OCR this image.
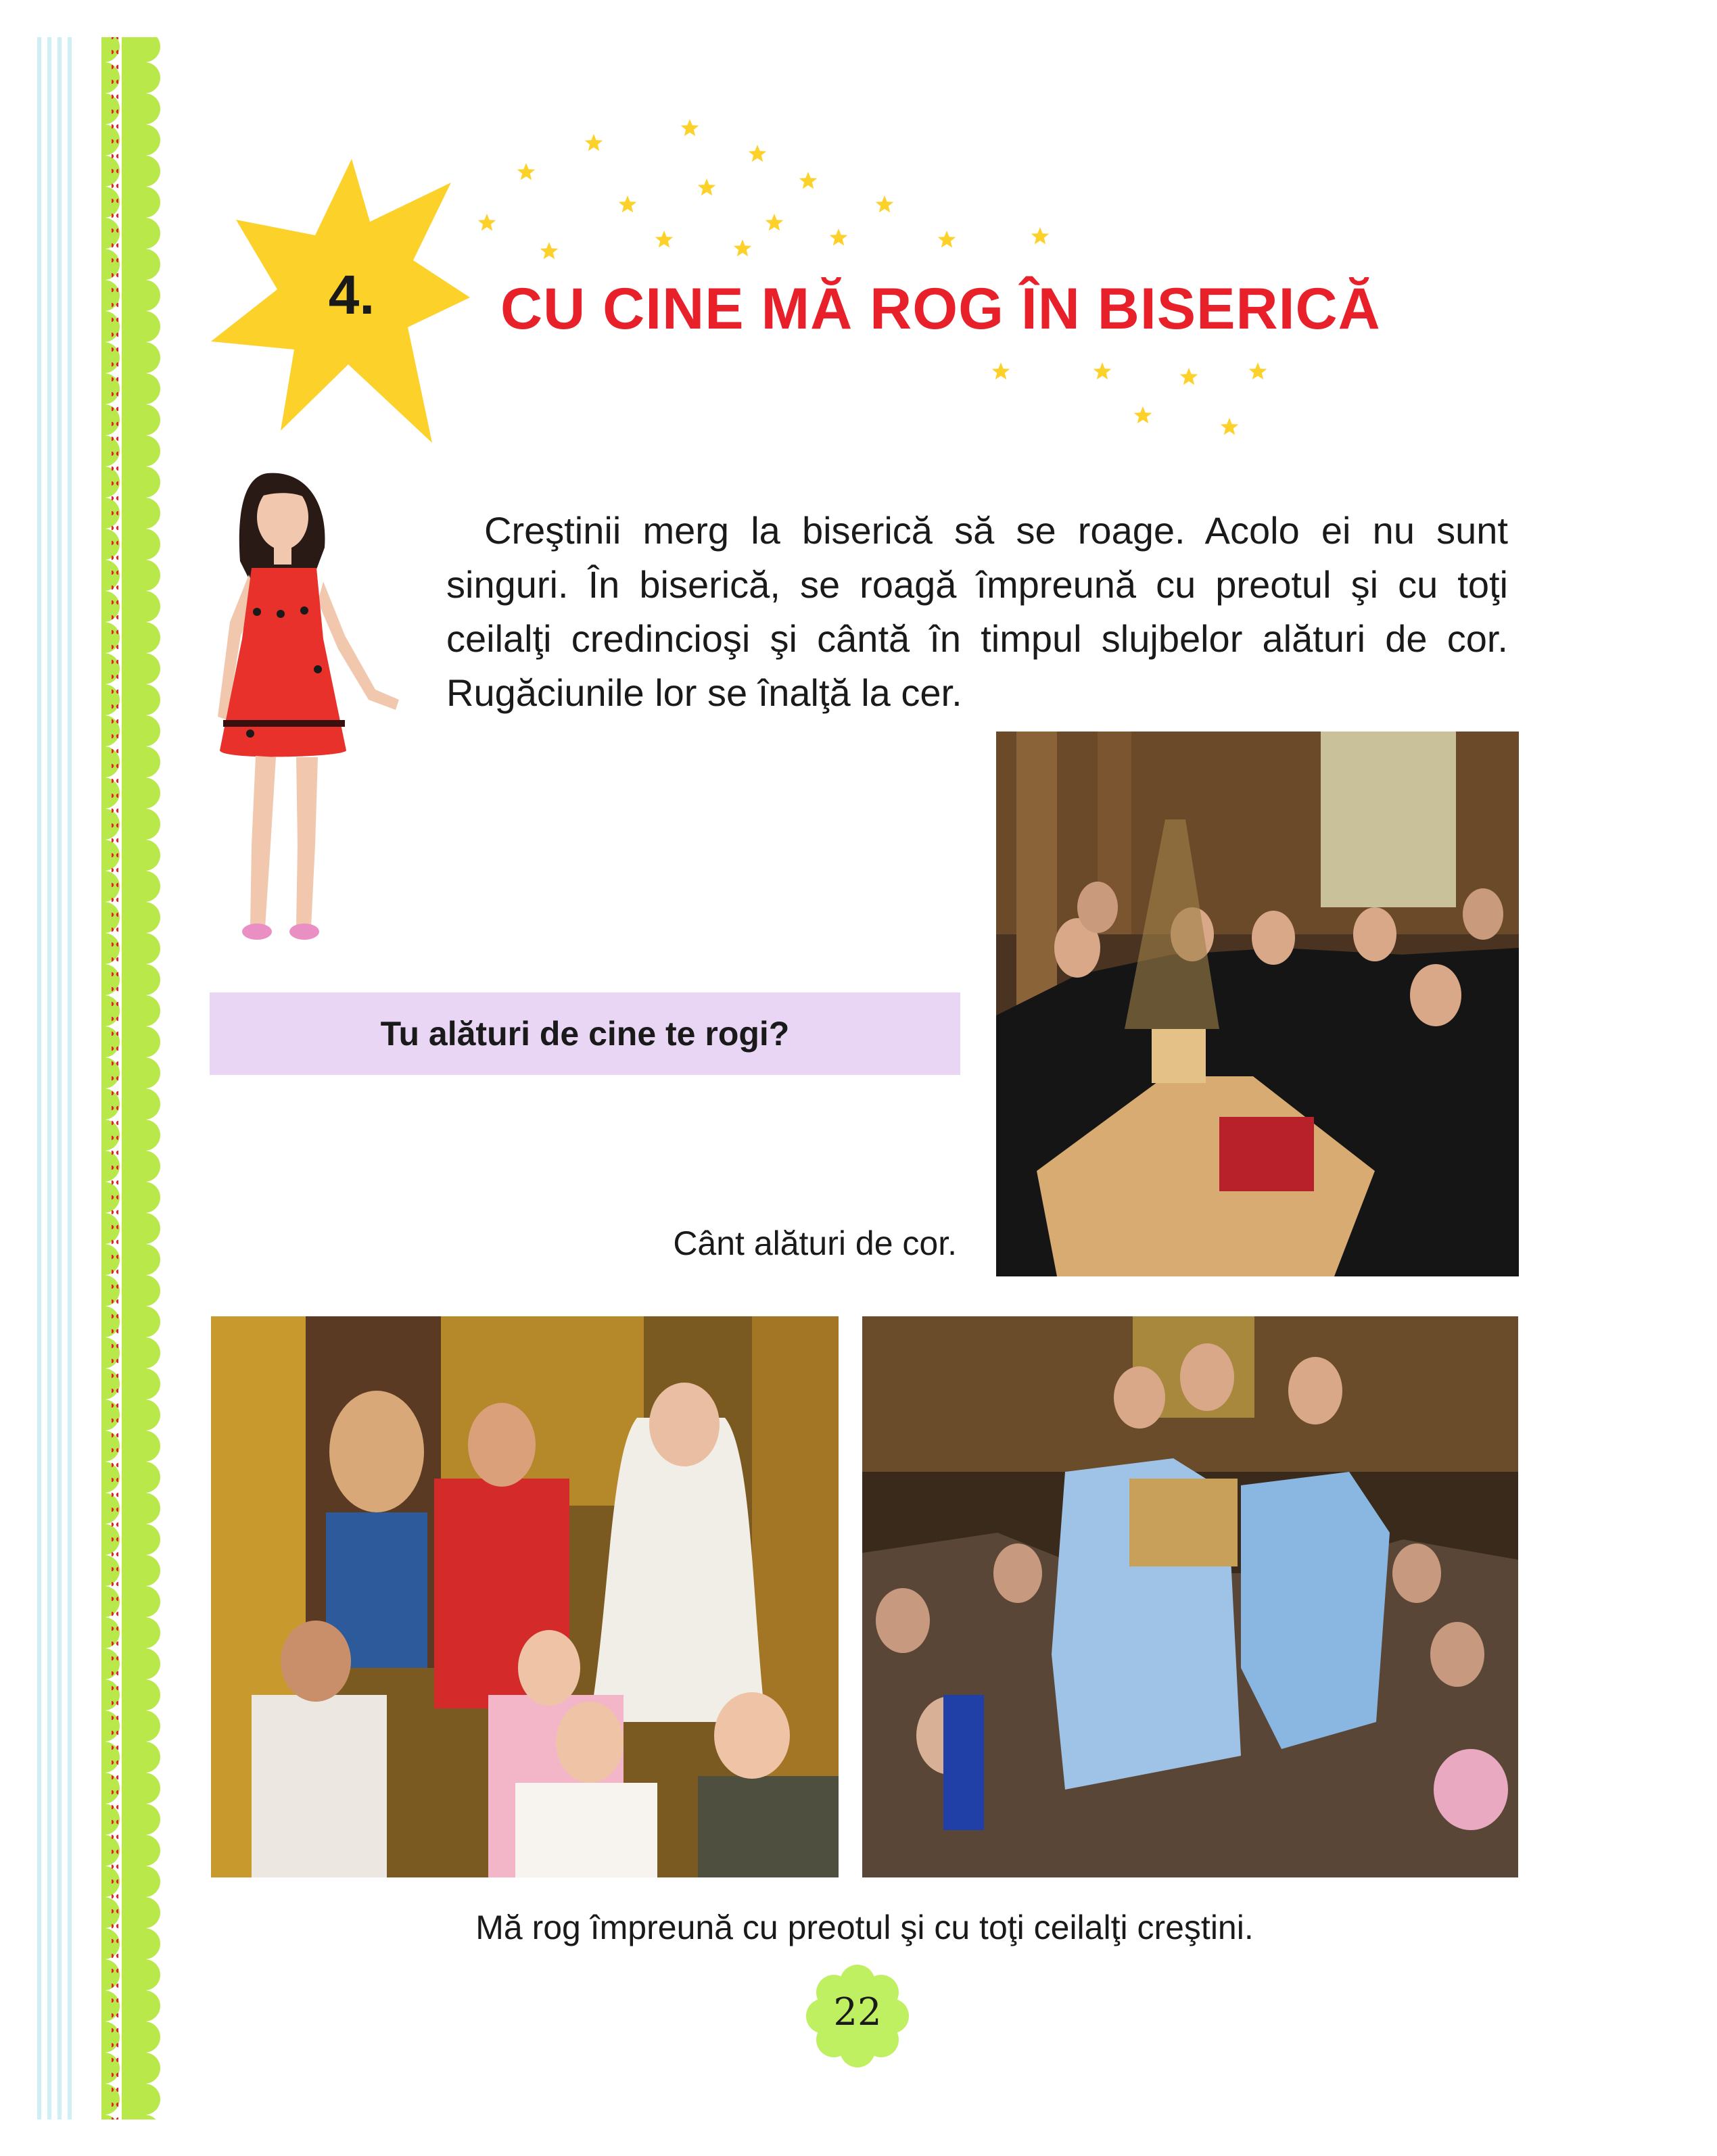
4. CU CINE MĂ ROG ÎN BISERICĂ
Creştinii merg la biserică să se roage. Acolo ei nu sunt singuri. În biserică, se roagă împreună cu preotul şi cu toţi ceilalţi credincioşi şi cântă în timpul slujbelor alături de cor. Rugăciunile lor se înalţă la cer.
Tu alături de cine te rogi?
Cânt alături de cor.
Mă rog împreună cu preotul şi cu toţi ceilalţi creştini.
22
